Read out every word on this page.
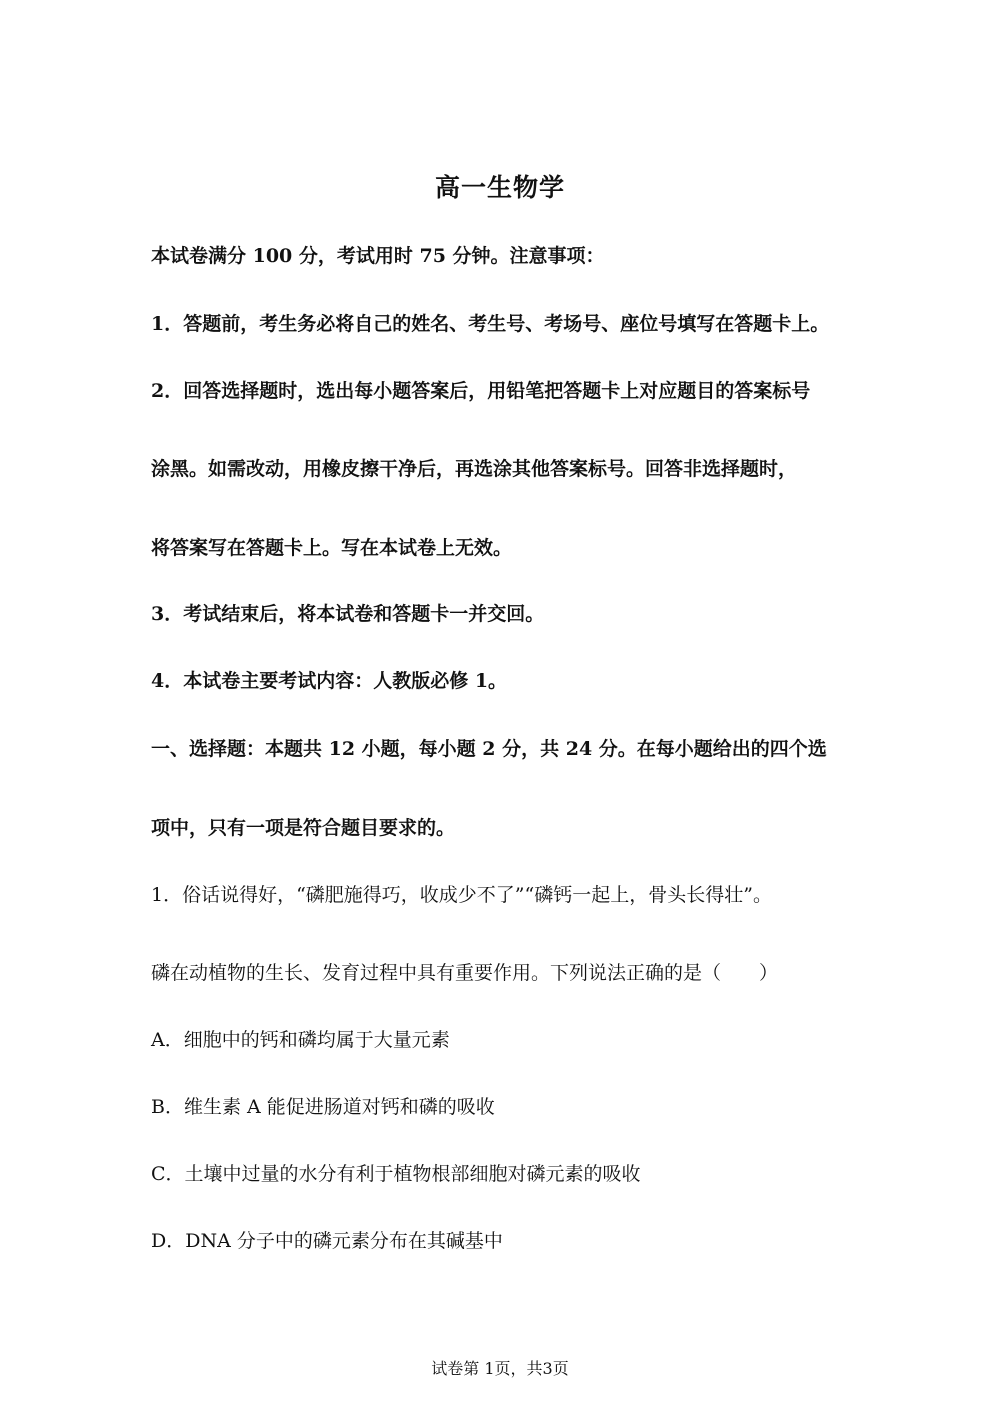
高一生物学
本试卷满分 100 分，考试用时 75 分钟。注意事项：
1．答题前，考生务必将自己的姓名、考生号、考场号、座位号填写在答题卡上。
2．回答选择题时，选出每小题答案后，用铅笔把答题卡上对应题目的答案标号
涂黑。如需改动，用橡皮擦干净后，再选涂其他答案标号。回答非选择题时，
将答案写在答题卡上。写在本试卷上无效。
3．考试结束后，将本试卷和答题卡一并交回。
4．本试卷主要考试内容：人教版必修 1。
一、选择题：本题共 12 小题，每小题 2 分，共 24 分。在每小题给出的四个选
项中，只有一项是符合题目要求的。
1．俗话说得好，“磷肥施得巧，收成少不了”“磷钙一起上，骨头长得壮”。
磷在动植物的生长、发育过程中具有重要作用。下列说法正确的是（　　）
A．细胞中的钙和磷均属于大量元素
B．维生素 A 能促进肠道对钙和磷的吸收
C．土壤中过量的水分有利于植物根部细胞对磷元素的吸收
D．DNA 分子中的磷元素分布在其碱基中
试卷第 1页，共3页
